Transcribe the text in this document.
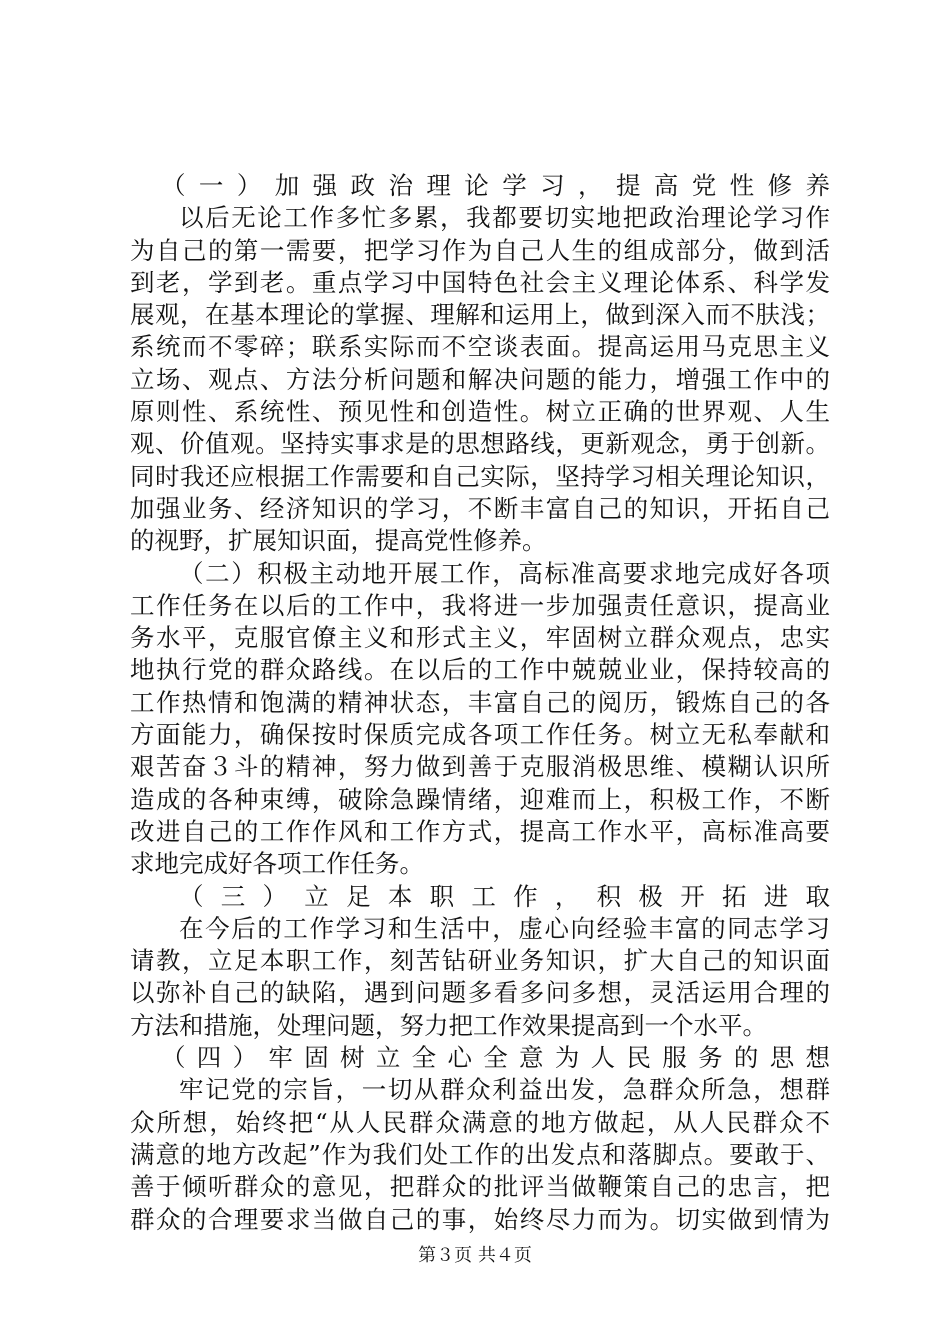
（一）加强政治理论学习，提高党性修养
以后无论工作多忙多累，我都要切实地把政治理论学习作
为自己的第一需要，把学习作为自己人生的组成部分，做到活
到老，学到老。重点学习中国特色社会主义理论体系、科学发
展观，在基本理论的掌握、理解和运用上，做到深入而不肤浅；
系统而不零碎；联系实际而不空谈表面。提高运用马克思主义
立场、观点、方法分析问题和解决问题的能力，增强工作中的
原则性、系统性、预见性和创造性。树立正确的世界观、人生
观、价值观。坚持实事求是的思想路线，更新观念，勇于创新。
同时我还应根据工作需要和自己实际，坚持学习相关理论知识，
加强业务、经济知识的学习，不断丰富自己的知识，开拓自己
的视野，扩展知识面，提高党性修养。
（二）积极主动地开展工作，高标准高要求地完成好各项
工作任务在以后的工作中，我将进一步加强责任意识，提高业
务水平，克服官僚主义和形式主义，牢固树立群众观点，忠实
地执行党的群众路线。在以后的工作中兢兢业业，保持较高的
工作热情和饱满的精神状态，丰富自己的阅历，锻炼自己的各
方面能力，确保按时保质完成各项工作任务。树立无私奉献和
艰苦奋３斗的精神，努力做到善于克服消极思维、模糊认识所
造成的各种束缚，破除急躁情绪，迎难而上，积极工作，不断
改进自己的工作作风和工作方式，提高工作水平，高标准高要
求地完成好各项工作任务。
（三）立足本职工作，积极开拓进取
在今后的工作学习和生活中，虚心向经验丰富的同志学习
请教，立足本职工作，刻苦钻研业务知识，扩大自己的知识面
以弥补自己的缺陷，遇到问题多看多问多想，灵活运用合理的
方法和措施，处理问题，努力把工作效果提高到一个水平。
（四）牢固树立全心全意为人民服务的思想
牢记党的宗旨，一切从群众利益出发，急群众所急，想群
众所想，始终把“从人民群众满意的地方做起，从人民群众不
满意的地方改起”作为我们处工作的出发点和落脚点。要敢于、
善于倾听群众的意见，把群众的批评当做鞭策自己的忠言，把
群众的合理要求当做自己的事，始终尽力而为。切实做到情为
第３页 共４页
